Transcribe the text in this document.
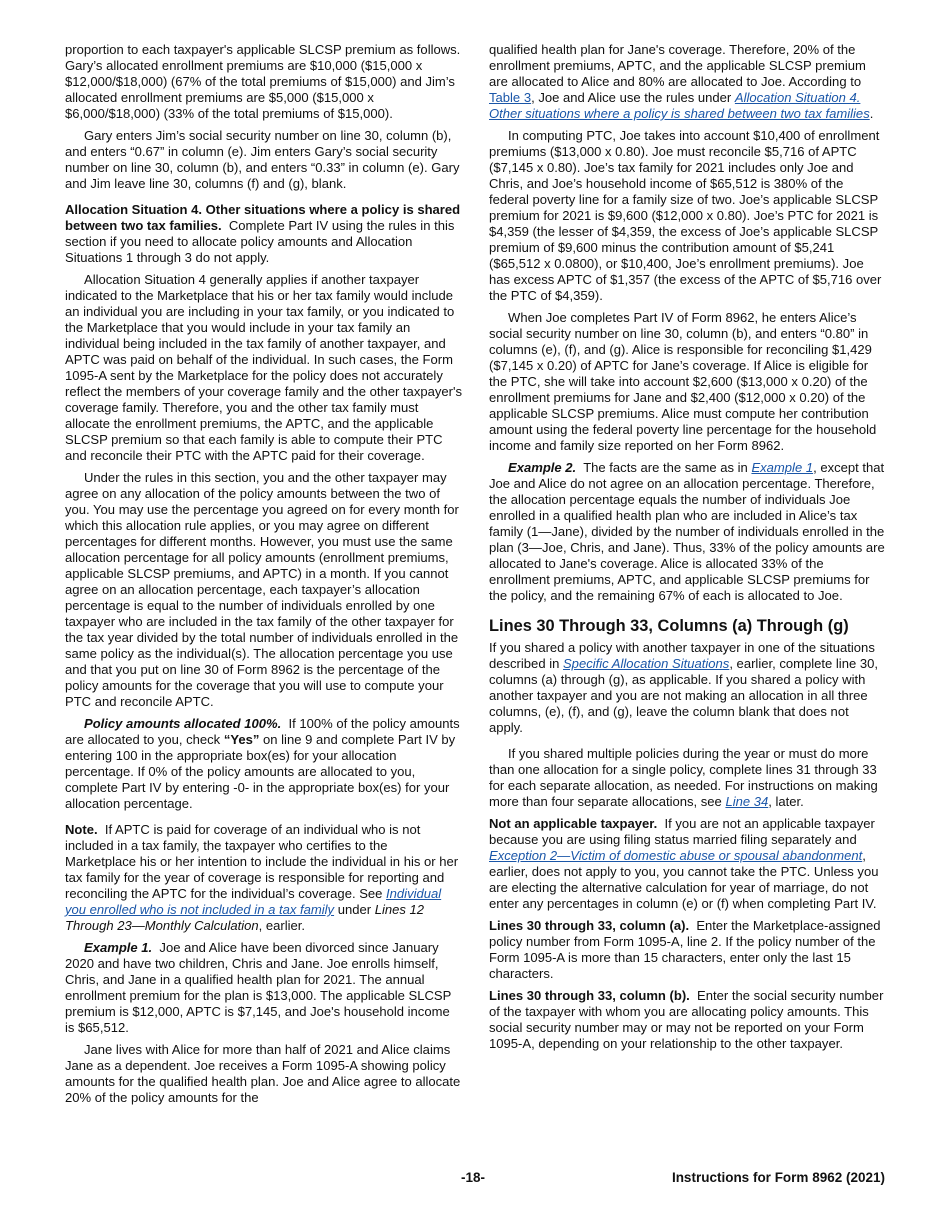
proportion to each taxpayer's applicable SLCSP premium as follows. Gary’s allocated enrollment premiums are $10,000 ($15,000 x $12,000/$18,000) (67% of the total premiums of $15,000) and Jim’s allocated enrollment premiums are $5,000 ($15,000 x $6,000/$18,000) (33% of the total premiums of $15,000).

Gary enters Jim’s social security number on line 30, column (b), and enters “0.67” in column (e). Jim enters Gary’s social security number on line 30, column (b), and enters “0.33” in column (e). Gary and Jim leave line 30, columns (f) and (g), blank.

Allocation Situation 4. Other situations where a policy is shared between two tax families. Complete Part IV using the rules in this section if you need to allocate policy amounts and Allocation Situations 1 through 3 do not apply.

Allocation Situation 4 generally applies if another taxpayer indicated to the Marketplace that his or her tax family would include an individual you are including in your tax family, or you indicated to the Marketplace that you would include in your tax family an individual being included in the tax family of another taxpayer, and APTC was paid on behalf of the individual. In such cases, the Form 1095-A sent by the Marketplace for the policy does not accurately reflect the members of your coverage family and the other taxpayer's coverage family. Therefore, you and the other tax family must allocate the enrollment premiums, the APTC, and the applicable SLCSP premium so that each family is able to compute their PTC and reconcile their PTC with the APTC paid for their coverage.

Under the rules in this section, you and the other taxpayer may agree on any allocation of the policy amounts between the two of you. You may use the percentage you agreed on for every month for which this allocation rule applies, or you may agree on different percentages for different months. However, you must use the same allocation percentage for all policy amounts (enrollment premiums, applicable SLCSP premiums, and APTC) in a month. If you cannot agree on an allocation percentage, each taxpayer’s allocation percentage is equal to the number of individuals enrolled by one taxpayer who are included in the tax family of the other taxpayer for the tax year divided by the total number of individuals enrolled in the same policy as the individual(s). The allocation percentage you use and that you put on line 30 of Form 8962 is the percentage of the policy amounts for the coverage that you will use to compute your PTC and reconcile APTC.

Policy amounts allocated 100%. If 100% of the policy amounts are allocated to you, check “Yes” on line 9 and complete Part IV by entering 100 in the appropriate box(es) for your allocation percentage. If 0% of the policy amounts are allocated to you, complete Part IV by entering -0- in the appropriate box(es) for your allocation percentage.

Note. If APTC is paid for coverage of an individual who is not included in a tax family, the taxpayer who certifies to the Marketplace his or her intention to include the individual in his or her tax family for the year of coverage is responsible for reporting and reconciling the APTC for the individual’s coverage. See Individual you enrolled who is not included in a tax family under Lines 12 Through 23—Monthly Calculation, earlier.

Example 1. Joe and Alice have been divorced since January 2020 and have two children, Chris and Jane. Joe enrolls himself, Chris, and Jane in a qualified health plan for 2021. The annual enrollment premium for the plan is $13,000. The applicable SLCSP premium is $12,000, APTC is $7,145, and Joe's household income is $65,512.

Jane lives with Alice for more than half of 2021 and Alice claims Jane as a dependent. Joe receives a Form 1095-A showing policy amounts for the qualified health plan. Joe and Alice agree to allocate 20% of the policy amounts for the

qualified health plan for Jane's coverage. Therefore, 20% of the enrollment premiums, APTC, and the applicable SLCSP premium are allocated to Alice and 80% are allocated to Joe. According to Table 3, Joe and Alice use the rules under Allocation Situation 4. Other situations where a policy is shared between two tax families.

In computing PTC, Joe takes into account $10,400 of enrollment premiums ($13,000 x 0.80). Joe must reconcile $5,716 of APTC ($7,145 x 0.80). Joe’s tax family for 2021 includes only Joe and Chris, and Joe’s household income of $65,512 is 380% of the federal poverty line for a family size of two. Joe’s applicable SLCSP premium for 2021 is $9,600 ($12,000 x 0.80). Joe’s PTC for 2021 is $4,359 (the lesser of $4,359, the excess of Joe’s applicable SLCSP premium of $9,600 minus the contribution amount of $5,241 ($65,512 x 0.0800), or $10,400, Joe’s enrollment premiums). Joe has excess APTC of $1,357 (the excess of the APTC of $5,716 over the PTC of $4,359).

When Joe completes Part IV of Form 8962, he enters Alice’s social security number on line 30, column (b), and enters “0.80” in columns (e), (f), and (g). Alice is responsible for reconciling $1,429 ($7,145 x 0.20) of APTC for Jane’s coverage. If Alice is eligible for the PTC, she will take into account $2,600 ($13,000 x 0.20) of the enrollment premiums for Jane and $2,400 ($12,000 x 0.20) of the applicable SLCSP premiums. Alice must compute her contribution amount using the federal poverty line percentage for the household income and family size reported on her Form 8962.

Example 2. The facts are the same as in Example 1, except that Joe and Alice do not agree on an allocation percentage. Therefore, the allocation percentage equals the number of individuals Joe enrolled in a qualified health plan who are included in Alice’s tax family (1—Jane), divided by the number of individuals enrolled in the plan (3—Joe, Chris, and Jane). Thus, 33% of the policy amounts are allocated to Jane's coverage. Alice is allocated 33% of the enrollment premiums, APTC, and applicable SLCSP premiums for the policy, and the remaining 67% of each is allocated to Joe.

Lines 30 Through 33, Columns (a) Through (g)

If you shared a policy with another taxpayer in one of the situations described in Specific Allocation Situations, earlier, complete line 30, columns (a) through (g), as applicable. If you shared a policy with another taxpayer and you are not making an allocation in all three columns, (e), (f), and (g), leave the column blank that does not apply.

If you shared multiple policies during the year or must do more than one allocation for a single policy, complete lines 31 through 33 for each separate allocation, as needed. For instructions on making more than four separate allocations, see Line 34, later.

Not an applicable taxpayer. If you are not an applicable taxpayer because you are using filing status married filing separately and Exception 2—Victim of domestic abuse or spousal abandonment, earlier, does not apply to you, you cannot take the PTC. Unless you are electing the alternative calculation for year of marriage, do not enter any percentages in column (e) or (f) when completing Part IV.

Lines 30 through 33, column (a). Enter the Marketplace-assigned policy number from Form 1095-A, line 2. If the policy number of the Form 1095-A is more than 15 characters, enter only the last 15 characters.

Lines 30 through 33, column (b). Enter the social security number of the taxpayer with whom you are allocating policy amounts. This social security number may or may not be reported on your Form 1095-A, depending on your relationship to the other taxpayer.

-18-	Instructions for Form 8962 (2021)
